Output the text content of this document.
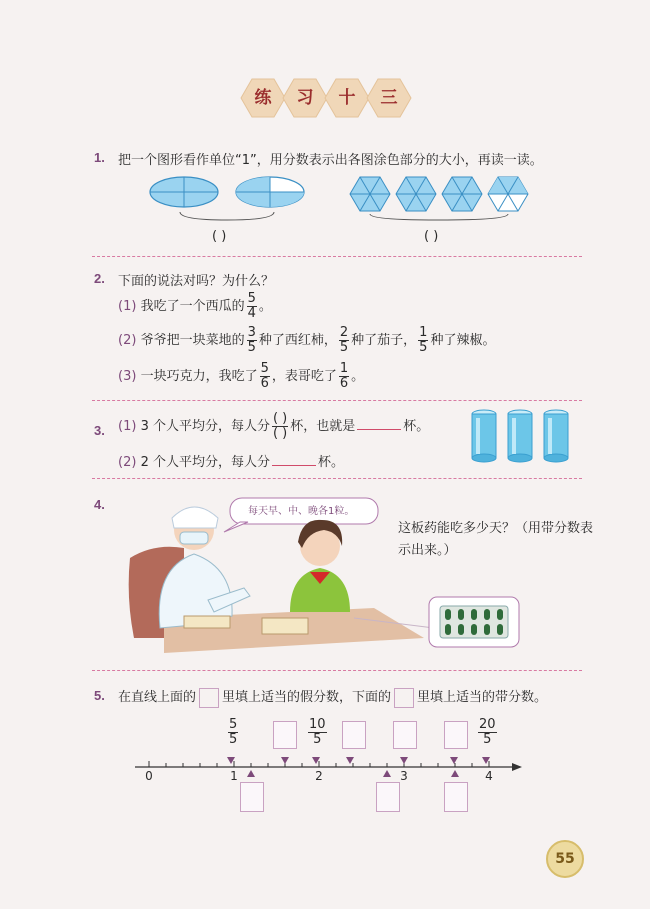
练	习	十	三
1. 把一个图形看作单位“1”，用分数表示出各图涂色部分的大小，再读一读。
( )	( )
2. 下面的说法对吗？为什么？
(1) 我吃了一个西瓜的 $\frac{5}{4}$ 。
(2) 爷爷把一块菜地的 $\frac{3}{5}$ 种了西红柿， $\frac{2}{5}$ 种了茄子， $\frac{1}{5}$ 种了辣椒。
(3) 一块巧克力，我吃了 $\frac{5}{6}$ ，表哥吃了 $\frac{1}{6}$ 。
3. (1) 3 个人平均分，每人分 $\frac{( )}{( )}$ 杯，也就是	杯。
(2) 2 个人平均分，每人分	杯。
4.	每天早、中、晚各1粒。
这板药能吃多少天？（用带分数表示出来。）
5. 在直线上面的 里填上适当的假分数，下面的 里填上适当的带分数。
0	1	2	3	4
$\frac{5}{5}$	$\frac{10}{5}$	$\frac{20}{5}$
55
